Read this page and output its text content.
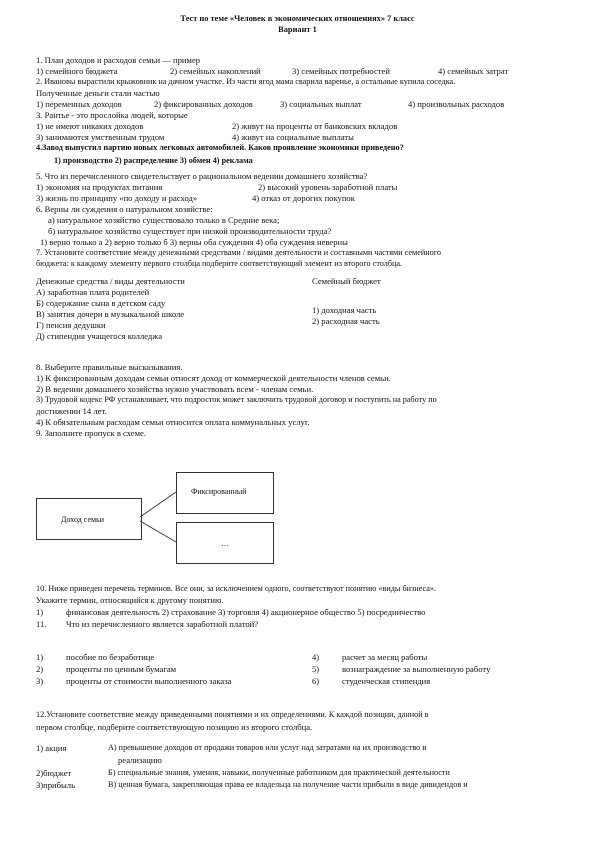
Тест по теме «Человек в экономических отношениях» 7 класс
Вариант 1
1. План доходов и расходов семьи — пример
1) семейного бюджета	2) семейных накоплений	3) семейных потребностей	4) семейных затрат
2. Ивановы вырастили крыжовник на дачном участке. Из части ягод мама сварила варенье, а остальные купила соседка.
Полученные деньги стали частью
1) переменных доходов	2) фиксированных доходов	3) социальных выплат	4) произвольных расходов
3. Рантье - это прослойка людей, которые
1) не имеют никаких доходов	2) живут на проценты от банковских вкладов
3) занимаются умственным трудом	4) живут на социальные выплаты
4.Завод выпустил партию новых легковых автомобилей. Каков проявление экономики приведено?
1) производство 2) распределение 3) обмен 4) реклама
5. Что из перечисленного свидетельствует о рациональном ведении домашнего хозяйства?
1) экономия на продуктах питания	2) высокий уровень заработной платы
3) жизнь по принципу «по доходу и расход»	4) отказ от дорогих покупок
6. Верны ли суждения о натуральном хозяйстве:
а) натуральное хозяйство существовало только в Средние века;
б) натуральное хозяйство существует при низкой производительности труда?
1) верно только а 2) верно только б 3) верны оба суждения 4) оба суждения неверны
7. Установите соответствие между денежными средствами / видами деятельности и составными частями семейного
бюджета: к каждому элементу первого столбца подберите соответствующий элемент из второго столбца.
Денежные средства / виды деятельности	Семейный бюджет
А) заработная плата родителей
Б) содержание сына в детском саду
В) занятия дочери в музыкальной школе
Г) пенсия дедушки
Д) стипендия учащегося колледжа
1) доходная часть
2) расходная часть
8. Выберите правильные высказывания.
1) К фиксированным доходам семьи относят доход от коммерческой деятельности членов семьи.
2) В ведении домашнего хозяйства нужно участвовать всем - членам семьи.
3) Трудовой кодекс РФ устанавливает, что подросток может заключить трудовой договор и поступить на работу по
достижении 14 лет.
4) К обязательным расходам семьи относится оплата коммунальных услуг.
9. Заполните пропуск в схеме.
Доход семьи
Фиксированный
…
10. Ниже приведен перечень терминов. Все они, за исключением одного, соответствуют понятию «виды бизнеса».
Укажите термин, относящийся к другому понятию.
1)	финансовая деятельность 2) страхование 3) торговля 4) акционерное общество 5) посредничество
11. Что из перечисленного является заработной платой?
1)	пособие по безработице
2)	проценты по ценным бумагам
3)	проценты от стоимости выполненного заказа
4)	расчет за месяц работы
5)	вознаграждение за выполненную работу
6)	студенческая стипендия
12.Установите соответствие между приведенными понятиями и их определениями. К каждой позиции, данной в
первом столбце, подберите соответствующую позицию из второго столбца.
1) акция	А) превышение доходов от продажи товаров или услуг над затратами на их производство и
реализацию
2)бюджет	Б) специальные знания, умения, навыки, полученные работником для практической деятельности
3)прибыль	В) ценная бумага, закрепляющая права ее владельца на получение части прибыли в виде дивидендов и
